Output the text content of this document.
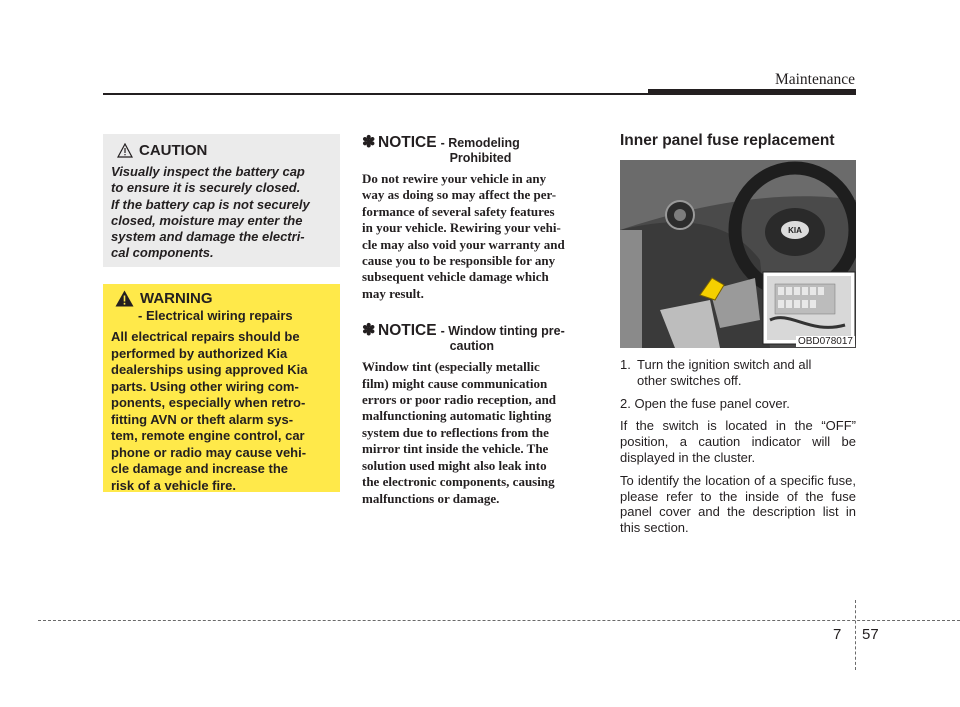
Maintenance
CAUTION
Visually inspect the battery cap
to ensure it is securely closed.
If the battery cap is not securely
closed, moisture may enter the
system and damage the electri-
cal components.
WARNING
- Electrical wiring repairs
All electrical repairs should be
performed by authorized Kia
dealerships using approved Kia
parts. Using other wiring com-
ponents, especially when retro-
fitting AVN or theft alarm sys-
tem, remote engine control, car
phone or radio may cause vehi-
cle damage and increase the
risk of a vehicle fire.
✽ NOTICE - Remodeling
Prohibited
Do not rewire your vehicle in any
way as doing so may affect the per-
formance of several safety features
in your vehicle. Rewiring your vehi-
cle may also void your warranty and
cause you to be responsible for any
subsequent vehicle damage which
may result.
✽ NOTICE - Window tinting pre-
caution
Window tint (especially metallic
film) might cause communication
errors or poor radio reception, and
malfunctioning automatic lighting
system due to reflections from the
mirror tint inside the vehicle. The
solution used might also leak into
the electronic components, causing
malfunctions or damage.
Inner panel fuse replacement
KIA
OBD078017
1. Turn the ignition switch and all
other switches off.

2. Open the fuse panel cover.

If the switch is located in the “OFF” position, a caution indicator will be displayed in the cluster.

To identify the location of a specific fuse, please refer to the inside of the fuse panel cover and the description list in this section.

7 57
